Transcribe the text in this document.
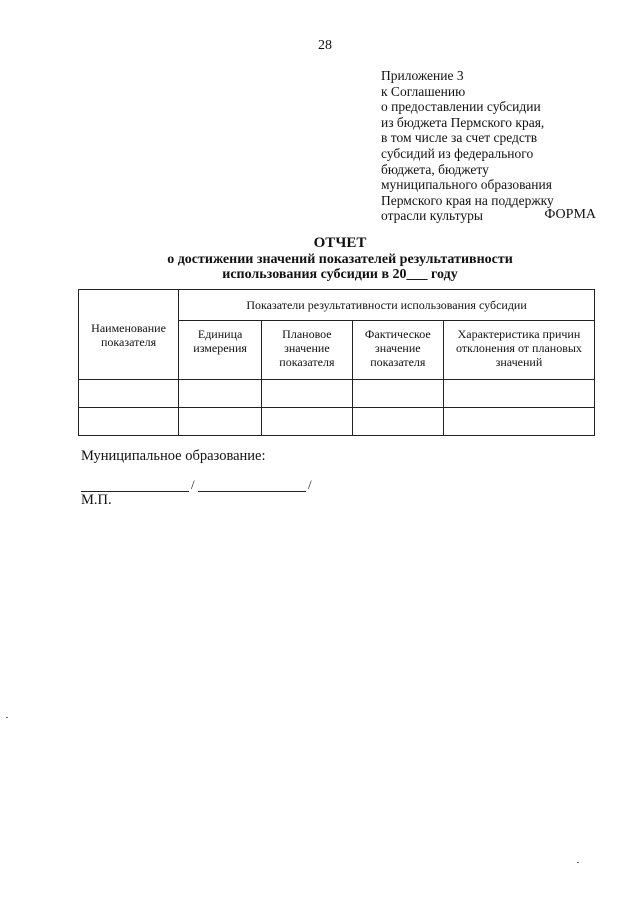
28
Приложение 3
к Соглашению
о предоставлении субсидии
из бюджета Пермского края,
в том числе за счет средств
субсидий из федерального
бюджета, бюджету
муниципального образования
Пермского края на поддержку
отрасли культуры	ФОРМА
ОТЧЕТ
о достижении значений показателей результативности
использования субсидии в 20___ году
Наименование показателя	Показатели результативности использования субсидии			
	Единица измерения	Плановое значение показателя	Фактическое значение показателя	Характеристика причин отклонения от плановых значений

Муниципальное образование:
/	/
М.П.
